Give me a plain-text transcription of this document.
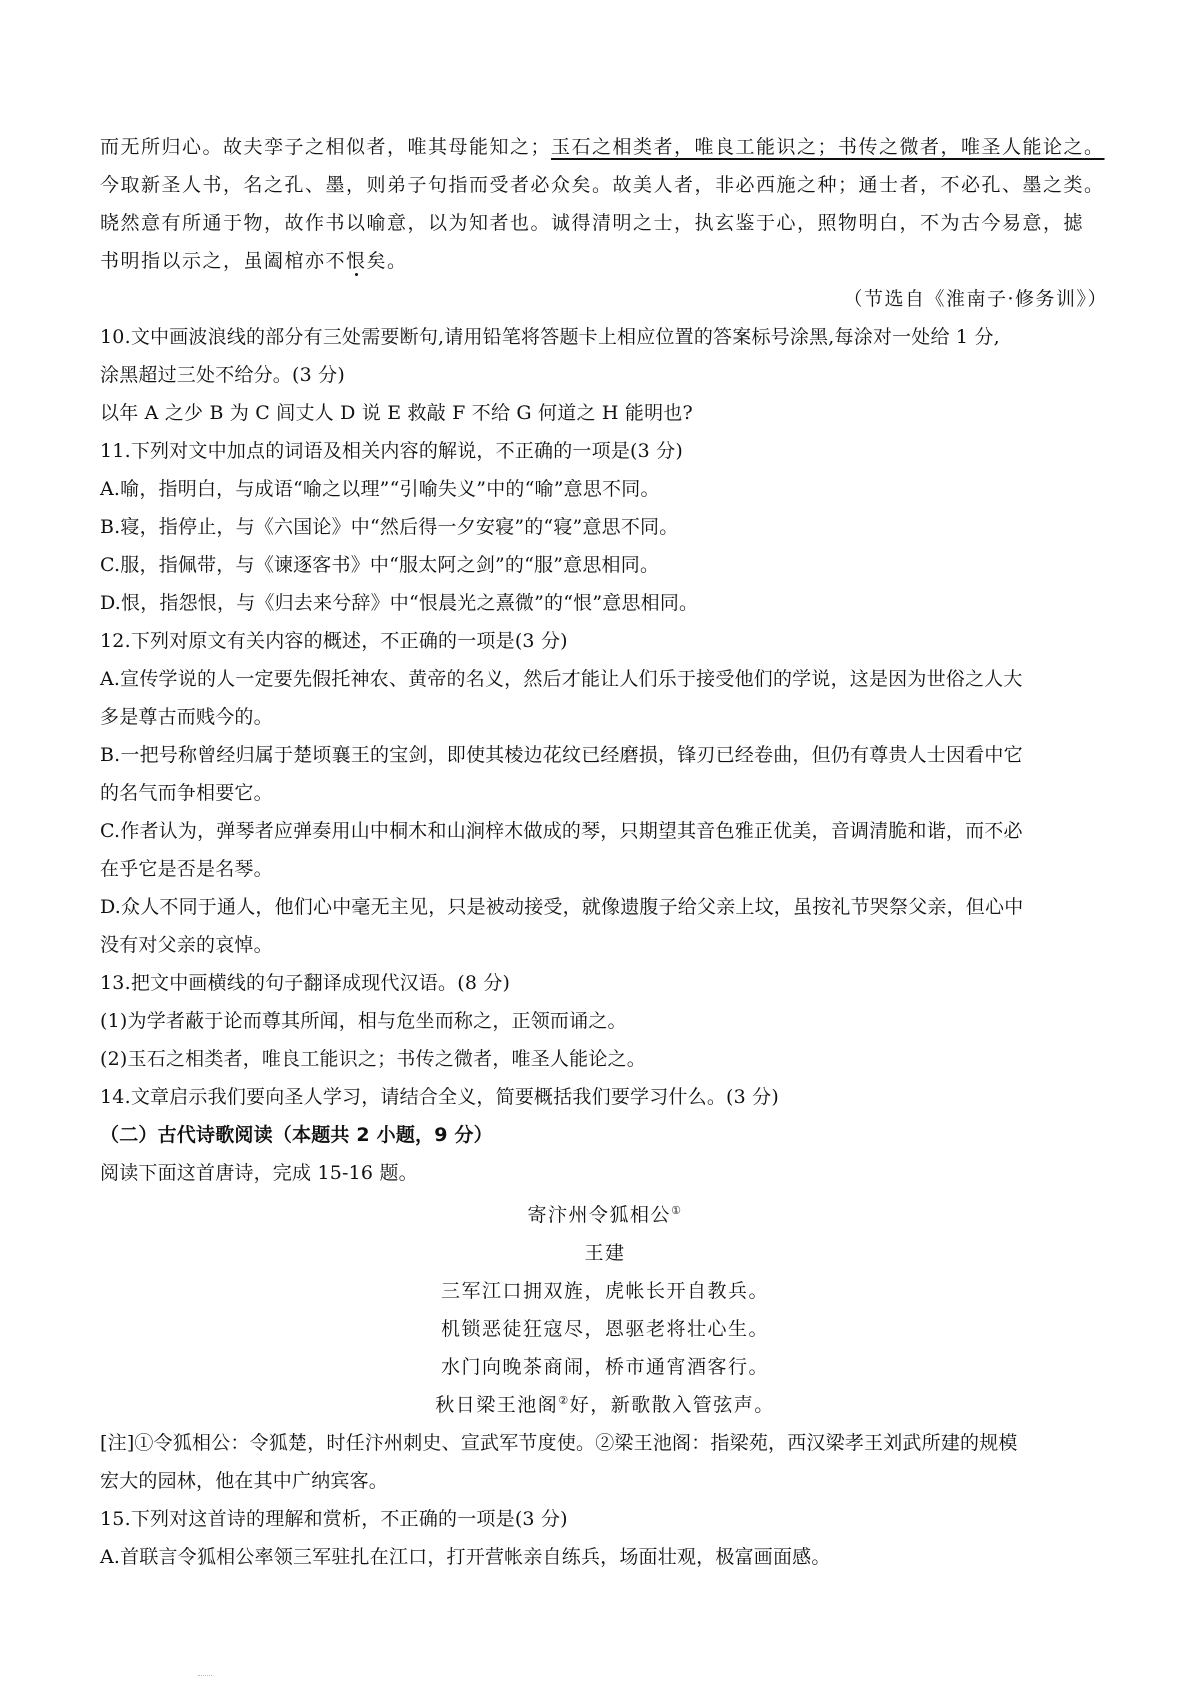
而无所归心。故夫孪子之相似者，唯其母能知之；玉石之相类者，唯良工能识之；书传之微者，唯圣人能论之。
今取新圣人书，名之孔、墨，则弟子句指而受者必众矣。故美人者，非必西施之种；通士者，不必孔、墨之类。
晓然意有所通于物，故作书以喻意，以为知者也。诚得清明之士，执玄鉴于心，照物明白，不为古今易意，摅
书明指以示之，虽阖棺亦不恨矣。
（节选自《淮南子·修务训》）
10.文中画波浪线的部分有三处需要断句,请用铅笔将答题卡上相应位置的答案标号涂黑,每涂对一处给 1 分,
涂黑超过三处不给分。(3 分)
以年 A 之少 B 为 C 闾丈人 D 说 E 救敲 F 不给 G 何道之 H 能明也?
11.下列对文中加点的词语及相关内容的解说，不正确的一项是(3 分)
A.喻，指明白，与成语“喻之以理”“引喻失义”中的“喻”意思不同。
B.寝，指停止，与《六国论》中“然后得一夕安寝”的“寝”意思不同。
C.服，指佩带，与《谏逐客书》中“服太阿之剑”的“服”意思相同。
D.恨，指怨恨，与《归去来兮辞》中“恨晨光之熹微”的“恨”意思相同。
12.下列对原文有关内容的概述，不正确的一项是(3 分)
A.宣传学说的人一定要先假托神农、黄帝的名义，然后才能让人们乐于接受他们的学说，这是因为世俗之人大
多是尊古而贱今的。
B.一把号称曾经归属于楚顷襄王的宝剑，即使其棱边花纹已经磨损，锋刃已经卷曲，但仍有尊贵人士因看中它
的名气而争相要它。
C.作者认为，弹琴者应弹奏用山中桐木和山涧梓木做成的琴，只期望其音色雅正优美，音调清脆和谐，而不必
在乎它是否是名琴。
D.众人不同于通人，他们心中毫无主见，只是被动接受，就像遗腹子给父亲上坟，虽按礼节哭祭父亲，但心中
没有对父亲的哀悼。
13.把文中画横线的句子翻译成现代汉语。(8 分)
(1)为学者蔽于论而尊其所闻，相与危坐而称之，正领而诵之。
(2)玉石之相类者，唯良工能识之；书传之微者，唯圣人能论之。
14.文章启示我们要向圣人学习，请结合全义，简要概括我们要学习什么。(3 分)
（二）古代诗歌阅读（本题共 2 小题，9 分）
阅读下面这首唐诗，完成 15-16 题。
寄汴州令狐相公①
王建
三军江口拥双旌，虎帐长开自教兵。
机锁恶徒狂寇尽，恩驱老将壮心生。
水门向晚茶商闹，桥市通宵酒客行。
秋日梁王池阁②好，新歌散入管弦声。
[注]①令狐相公：令狐楚，时任汴州刺史、宣武军节度使。②梁王池阁：指梁苑，西汉梁孝王刘武所建的规模
宏大的园林，他在其中广纳宾客。
15.下列对这首诗的理解和赏析，不正确的一项是(3 分)
A.首联言令狐相公率领三军驻扎在江口，打开营帐亲自练兵，场面壮观，极富画面感。
